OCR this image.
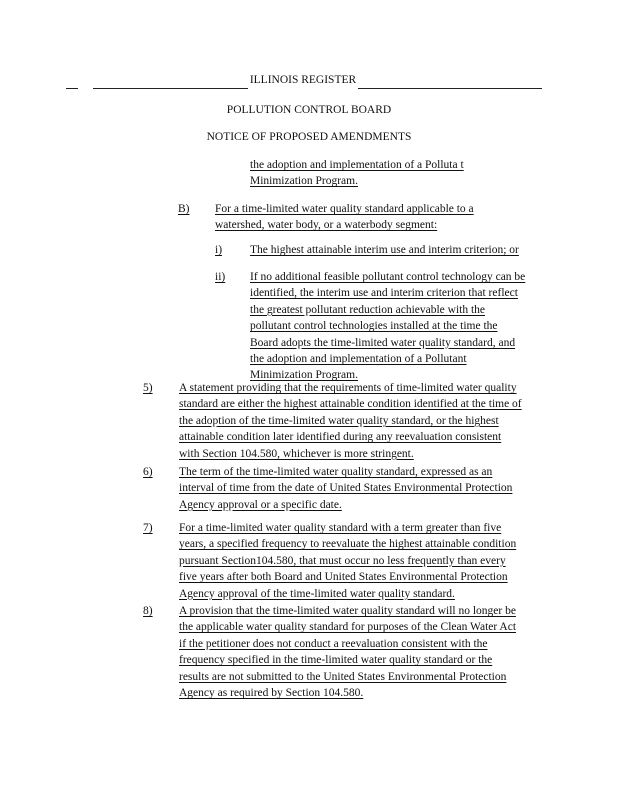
ILLINOIS REGISTER
POLLUTION CONTROL BOARD
NOTICE OF PROPOSED AMENDMENTS
the adoption and implementation of a Polluta t
Minimization Program.
B) For a time-limited water quality standard applicable to a
watershed, water body, or a waterbody segment:
i) The highest attainable interim use and interim criterion; or
ii) If no additional feasible pollutant control technology can be
identified, the interim use and interim criterion that reflect
the greatest pollutant reduction achievable with the
pollutant control technologies installed at the time the
Board adopts the time-limited water quality standard, and
the adoption and implementation of a Pollutant
Minimization Program.
5) A statement providing that the requirements of time-limited water quality
standard are either the highest attainable condition identified at the time of
the adoption of the time-limited water quality standard, or the highest
attainable condition later identified during any reevaluation consistent
with Section 104.580, whichever is more stringent.
6) The term of the time-limited water quality standard, expressed as an
interval of time from the date of United States Environmental Protection
Agency approval or a specific date.
7) For a time-limited water quality standard with a term greater than five
years, a specified frequency to reevaluate the highest attainable condition
pursuant Section104.580, that must occur no less frequently than every
five years after both Board and United States Environmental Protection
Agency approval of the time-limited water quality standard.
8) A provision that the time-limited water quality standard will no longer be
the applicable water quality standard for purposes of the Clean Water Act
if the petitioner does not conduct a reevaluation consistent with the
frequency specified in the time-limited water quality standard or the
results are not submitted to the United States Environmental Protection
Agency as required by Section 104.580.
